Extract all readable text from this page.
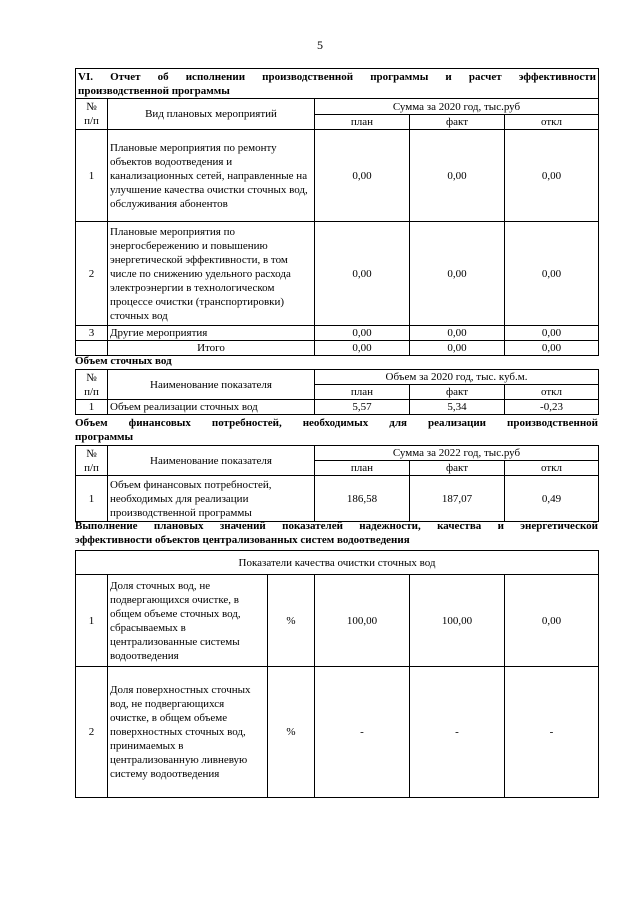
5
VI. Отчет об исполнении производственной программы и расчет эффективности
производственной программы				

№
п/п	Вид плановых мероприятий	Сумма за 2020 год, тыс.руб		
		план	факт	откл
1	Плановые мероприятия по ремонту объектов водоотведения и канализационных сетей, направленные на улучшение качества очистки сточных вод, обслуживания абонентов	0,00	0,00	0,00
2	Плановые мероприятия по энергосбережению и повышению энергетической эффективности, в том числе по снижению удельного расхода электроэнергии в технологическом процессе очистки (транспортировки) сточных вод	0,00	0,00	0,00
3	Другие мероприятия	0,00	0,00	0,00
	Итого	0,00	0,00	0,00
Объем сточных вод
№
п/п	Наименование показателя	Объем за 2020 год, тыс. куб.м.		
		план	факт	откл
1	Объем реализации сточных вод	5,57	5,34	-0,23
Объем финансовых потребностей, необходимых для реализации производственной
программы
№
п/п	Наименование показателя	Сумма за 2022 год, тыс.руб		
		план	факт	откл
1	Объем финансовых потребностей, необходимых для реализации производственной программы	186,58	187,07	0,49
Выполнение плановых значений показателей надежности, качества и энергетической
эффективности объектов централизованных систем водоотведения
Показатели качества очистки сточных вод					
1	Доля сточных вод, не подвергающихся очистке, в общем объеме сточных вод, сбрасываемых в централизованные системы водоотведения	%	100,00	100,00	0,00
2	Доля поверхностных сточных вод, не подвергающихся очистке, в общем объеме поверхностных сточных вод, принимаемых в централизованную ливневую систему водоотведения	%	-	-	-
